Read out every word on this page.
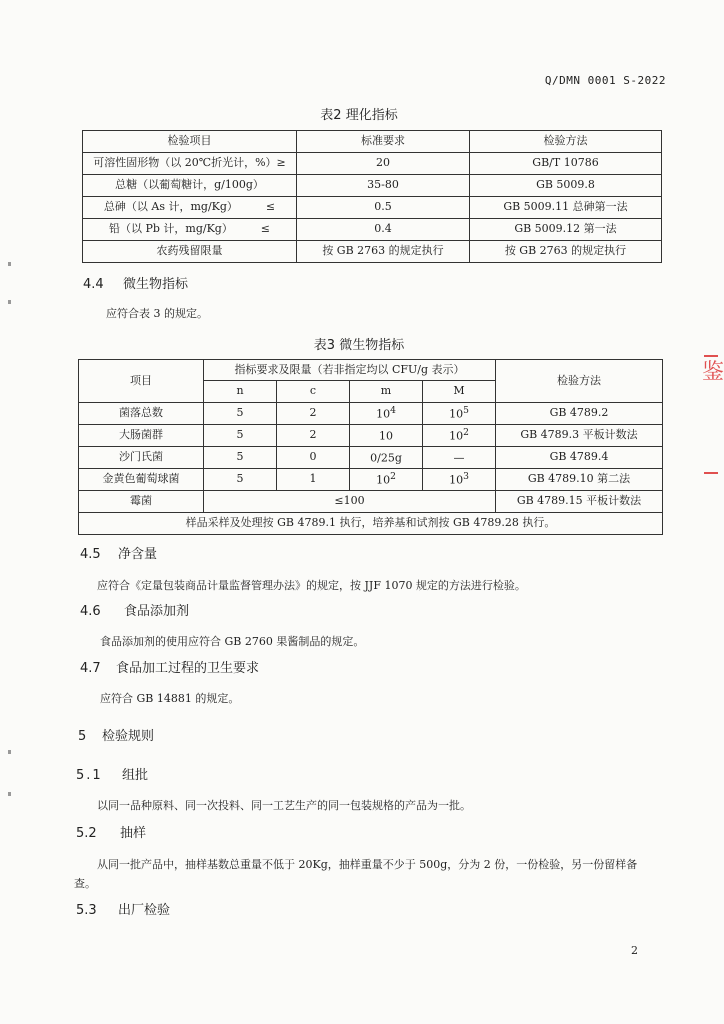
Q/DMN 0001 S-2022
表2 理化指标
检验项目	标准要求	检验方法
可溶性固形物（以 20℃折光计，%）≥	20	GB/T 10786
总糖（以葡萄糖计，g/100g）	35-80	GB 5009.8
总砷（以 As 计，mg/Kg）        ≤	0.5	GB 5009.11 总砷第一法
铅（以 Pb 计，mg/Kg）        ≤	0.4	GB 5009.12 第一法
农药残留限量	按 GB 2763 的规定执行	按 GB 2763 的规定执行
4.4 微生物指标
应符合表 3 的规定。
表3 微生物指标
项目	指标要求及限量（若非指定均以 CFU/g 表示）				检验方法
	n	c	m	M	
菌落总数	5	2	$10^4$	$10^5$	GB 4789.2
大肠菌群	5	2	10	$10^2$	GB 4789.3 平板计数法
沙门氏菌	5	0	0/25g	—	GB 4789.4
金黄色葡萄球菌	5	1	$10^2$	$10^3$	GB 4789.10 第二法
霉菌	≤100				GB 4789.15 平板计数法
样品采样及处理按 GB 4789.1 执行，培养基和试剂按 GB 4789.28 执行。					
4.5 净含量
应符合《定量包装商品计量监督管理办法》的规定，按 JJF 1070 规定的方法进行检验。
4.6 食品添加剂
食品添加剂的使用应符合 GB 2760 果酱制品的规定。
4.7 食品加工过程的卫生要求
应符合 GB 14881 的规定。
5 检验规则
5.1 组批
以同一品种原料、同一次投料、同一工艺生产的同一包装规格的产品为一批。
5.2 抽样
从同一批产品中，抽样基数总重量不低于 20Kg，抽样重量不少于 500g，分为 2 份，一份检验，另一份留样备
查。
5.3 出厂检验
2
鉴
